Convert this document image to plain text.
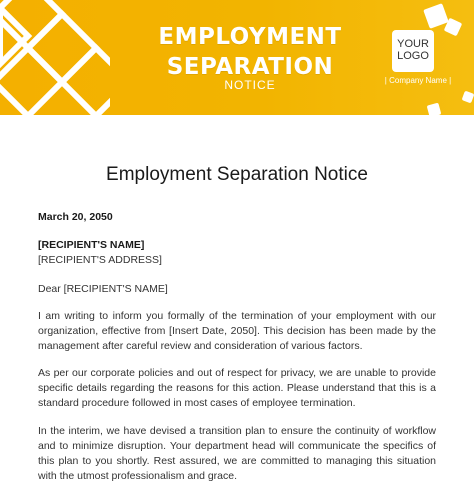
EMPLOYMENT
SEPARATION
NOTICE
YOUR
LOGO
| Company Name |
Employment Separation Notice

March 20, 2050

[RECIPIENT'S NAME]

[RECIPIENT'S ADDRESS]

Dear [RECIPIENT'S NAME]

I am writing to inform you formally of the termination of your employment with our organization, effective from [Insert Date, 2050]. This decision has been made by the management after careful review and consideration of various factors.

As per our corporate policies and out of respect for privacy, we are unable to provide specific details regarding the reasons for this action. Please understand that this is a standard procedure followed in most cases of employee termination.

In the interim, we have devised a transition plan to ensure the continuity of workflow and to minimize disruption. Your department head will communicate the specifics of this plan to you shortly. Rest assured, we are committed to managing this situation with the utmost professionalism and grace.
